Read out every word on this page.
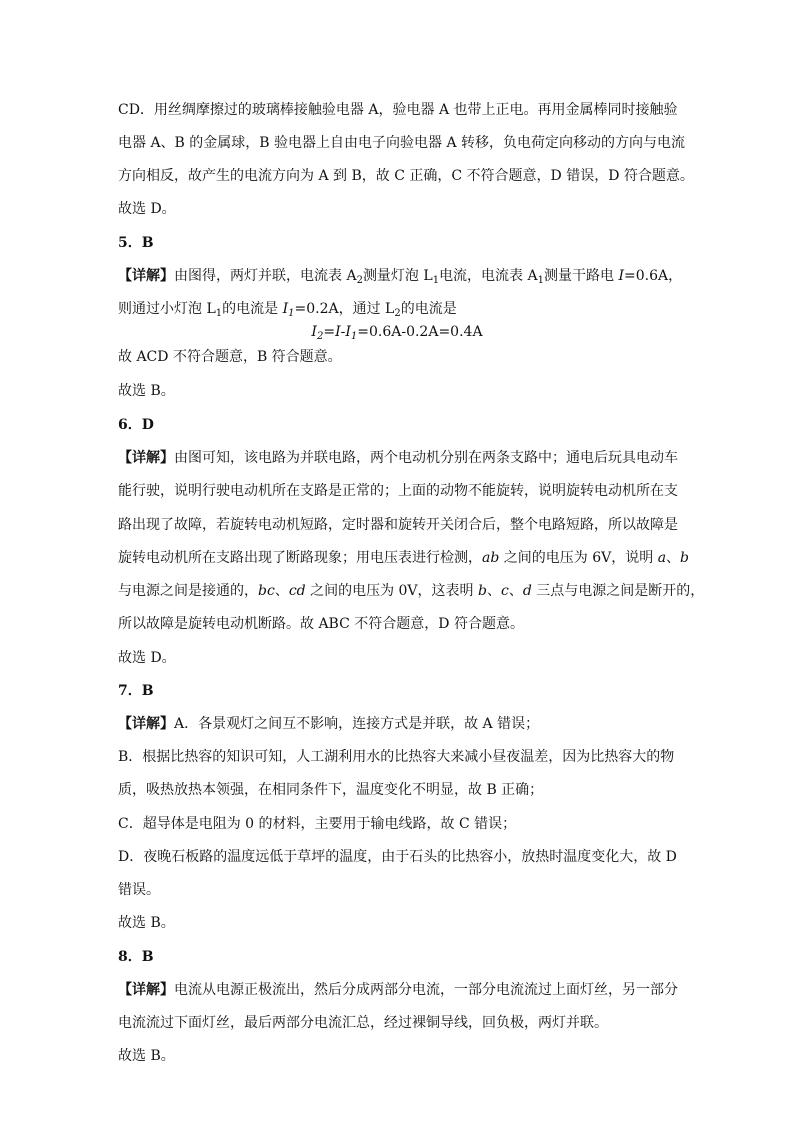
CD．用丝绸摩擦过的玻璃棒接触验电器 A，验电器 A 也带上正电。再用金属棒同时接触验
电器 A、B 的金属球，B 验电器上自由电子向验电器 A 转移，负电荷定向移动的方向与电流
方向相反，故产生的电流方向为 A 到 B，故 C 正确，C 不符合题意，D 错误，D 符合题意。
故选 D。
5．B
【详解】由图得，两灯并联，电流表 $A_2$测量灯泡 $L_1$电流，电流表 $A_1$测量干路电 I=0.6A，
则通过小灯泡 $L_1$的电流是 $I_1=0.2A$，通过 $L_2$的电流是
$I_2=I-I_1=0.6A-0.2A=0.4A$
故 ACD 不符合题意，B 符合题意。
故选 B。
6．D
【详解】由图可知，该电路为并联电路，两个电动机分别在两条支路中；通电后玩具电动车
能行驶，说明行驶电动机所在支路是正常的；上面的动物不能旋转，说明旋转电动机所在支
路出现了故障，若旋转电动机短路，定时器和旋转开关闭合后，整个电路短路，所以故障是
旋转电动机所在支路出现了断路现象；用电压表进行检测，ab 之间的电压为 6V，说明 a、b
与电源之间是接通的，bc、cd 之间的电压为 0V，这表明 b、c、d 三点与电源之间是断开的，
所以故障是旋转电动机断路。故 ABC 不符合题意，D 符合题意。
故选 D。
7．B
【详解】A．各景观灯之间互不影响，连接方式是并联，故 A 错误；
B．根据比热容的知识可知，人工湖利用水的比热容大来减小昼夜温差，因为比热容大的物
质，吸热放热本领强，在相同条件下，温度变化不明显，故 B 正确；
C．超导体是电阻为 0 的材料，主要用于输电线路，故 C 错误；
D．夜晚石板路的温度远低于草坪的温度，由于石头的比热容小，放热时温度变化大，故 D
错误。
故选 B。
8．B
【详解】电流从电源正极流出，然后分成两部分电流，一部分电流流过上面灯丝，另一部分
电流流过下面灯丝，最后两部分电流汇总，经过裸铜导线，回负极，两灯并联。
故选 B。
